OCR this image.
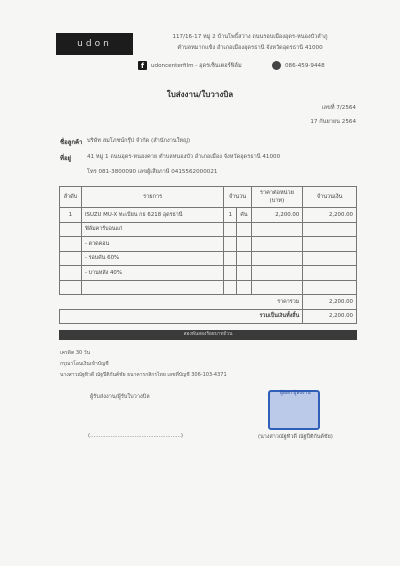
udon
117/16-17 หมู่ 2 บ้านโพธิ์สว่าง ถนนรอบเมืองอุดร-หนองบัวลำภู
ตำบลหมากแข้ง อำเภอเมืองอุดรธานี จังหวัดอุดรธานี 41000
f	udoncenterfilm - อุดรเซ็นเตอร์ฟิล์ม	086-459-9448
ใบส่งงาน/ใบวางบิล
เลขที่ 7/2564
17 กันยายน 2564
ชื่อลูกค้า บริษัท สมโภชน์กรุ๊ป จำกัด (สำนักงานใหญ่)
ที่อยู่	41 หมู่ 1 ถนนอุดร-หนองคาย ตำบลหนองบัว อำเภอเมือง จังหวัดอุดรธานี 41000
โทร 081-3800090 เลขผู้เสียภาษี 0415562000021
ลำดับ	รายการ	จำนวน		ราคาต่อหน่วย (บาท)	จำนวนเงิน
1	ISUZU MU-X ทะเบียน กธ 6218 อุดรธานี	1	คัน	2,200.00	2,200.00
	ฟิล์มคาร์บอนแก่				
	- ดาดคอน				
	- รอบคัน 60%				
	- บานหลัง 40%				

ราคารวม					2,200.00
รวมเป็นเงินทั้งสิ้น					2,200.00
สองพันสองร้อยบาทถ้วน
เครดิต 30 วัน
กรุณาโอนเงินเข้าบัญชี
นางสาวณัฐทิวดี ณัฐปีติกันต์ชัย ธนาคารกสิกรไทย เลขที่บัญชี 306-103-4371
ผู้รับส่งงาน/ผู้รับใบวางบิล
(.....................................................)
ผู้ออก ผู้ส่งงาน
(นางสาวณัฐทิวดี ณัฐปีติกันต์ชัย)
